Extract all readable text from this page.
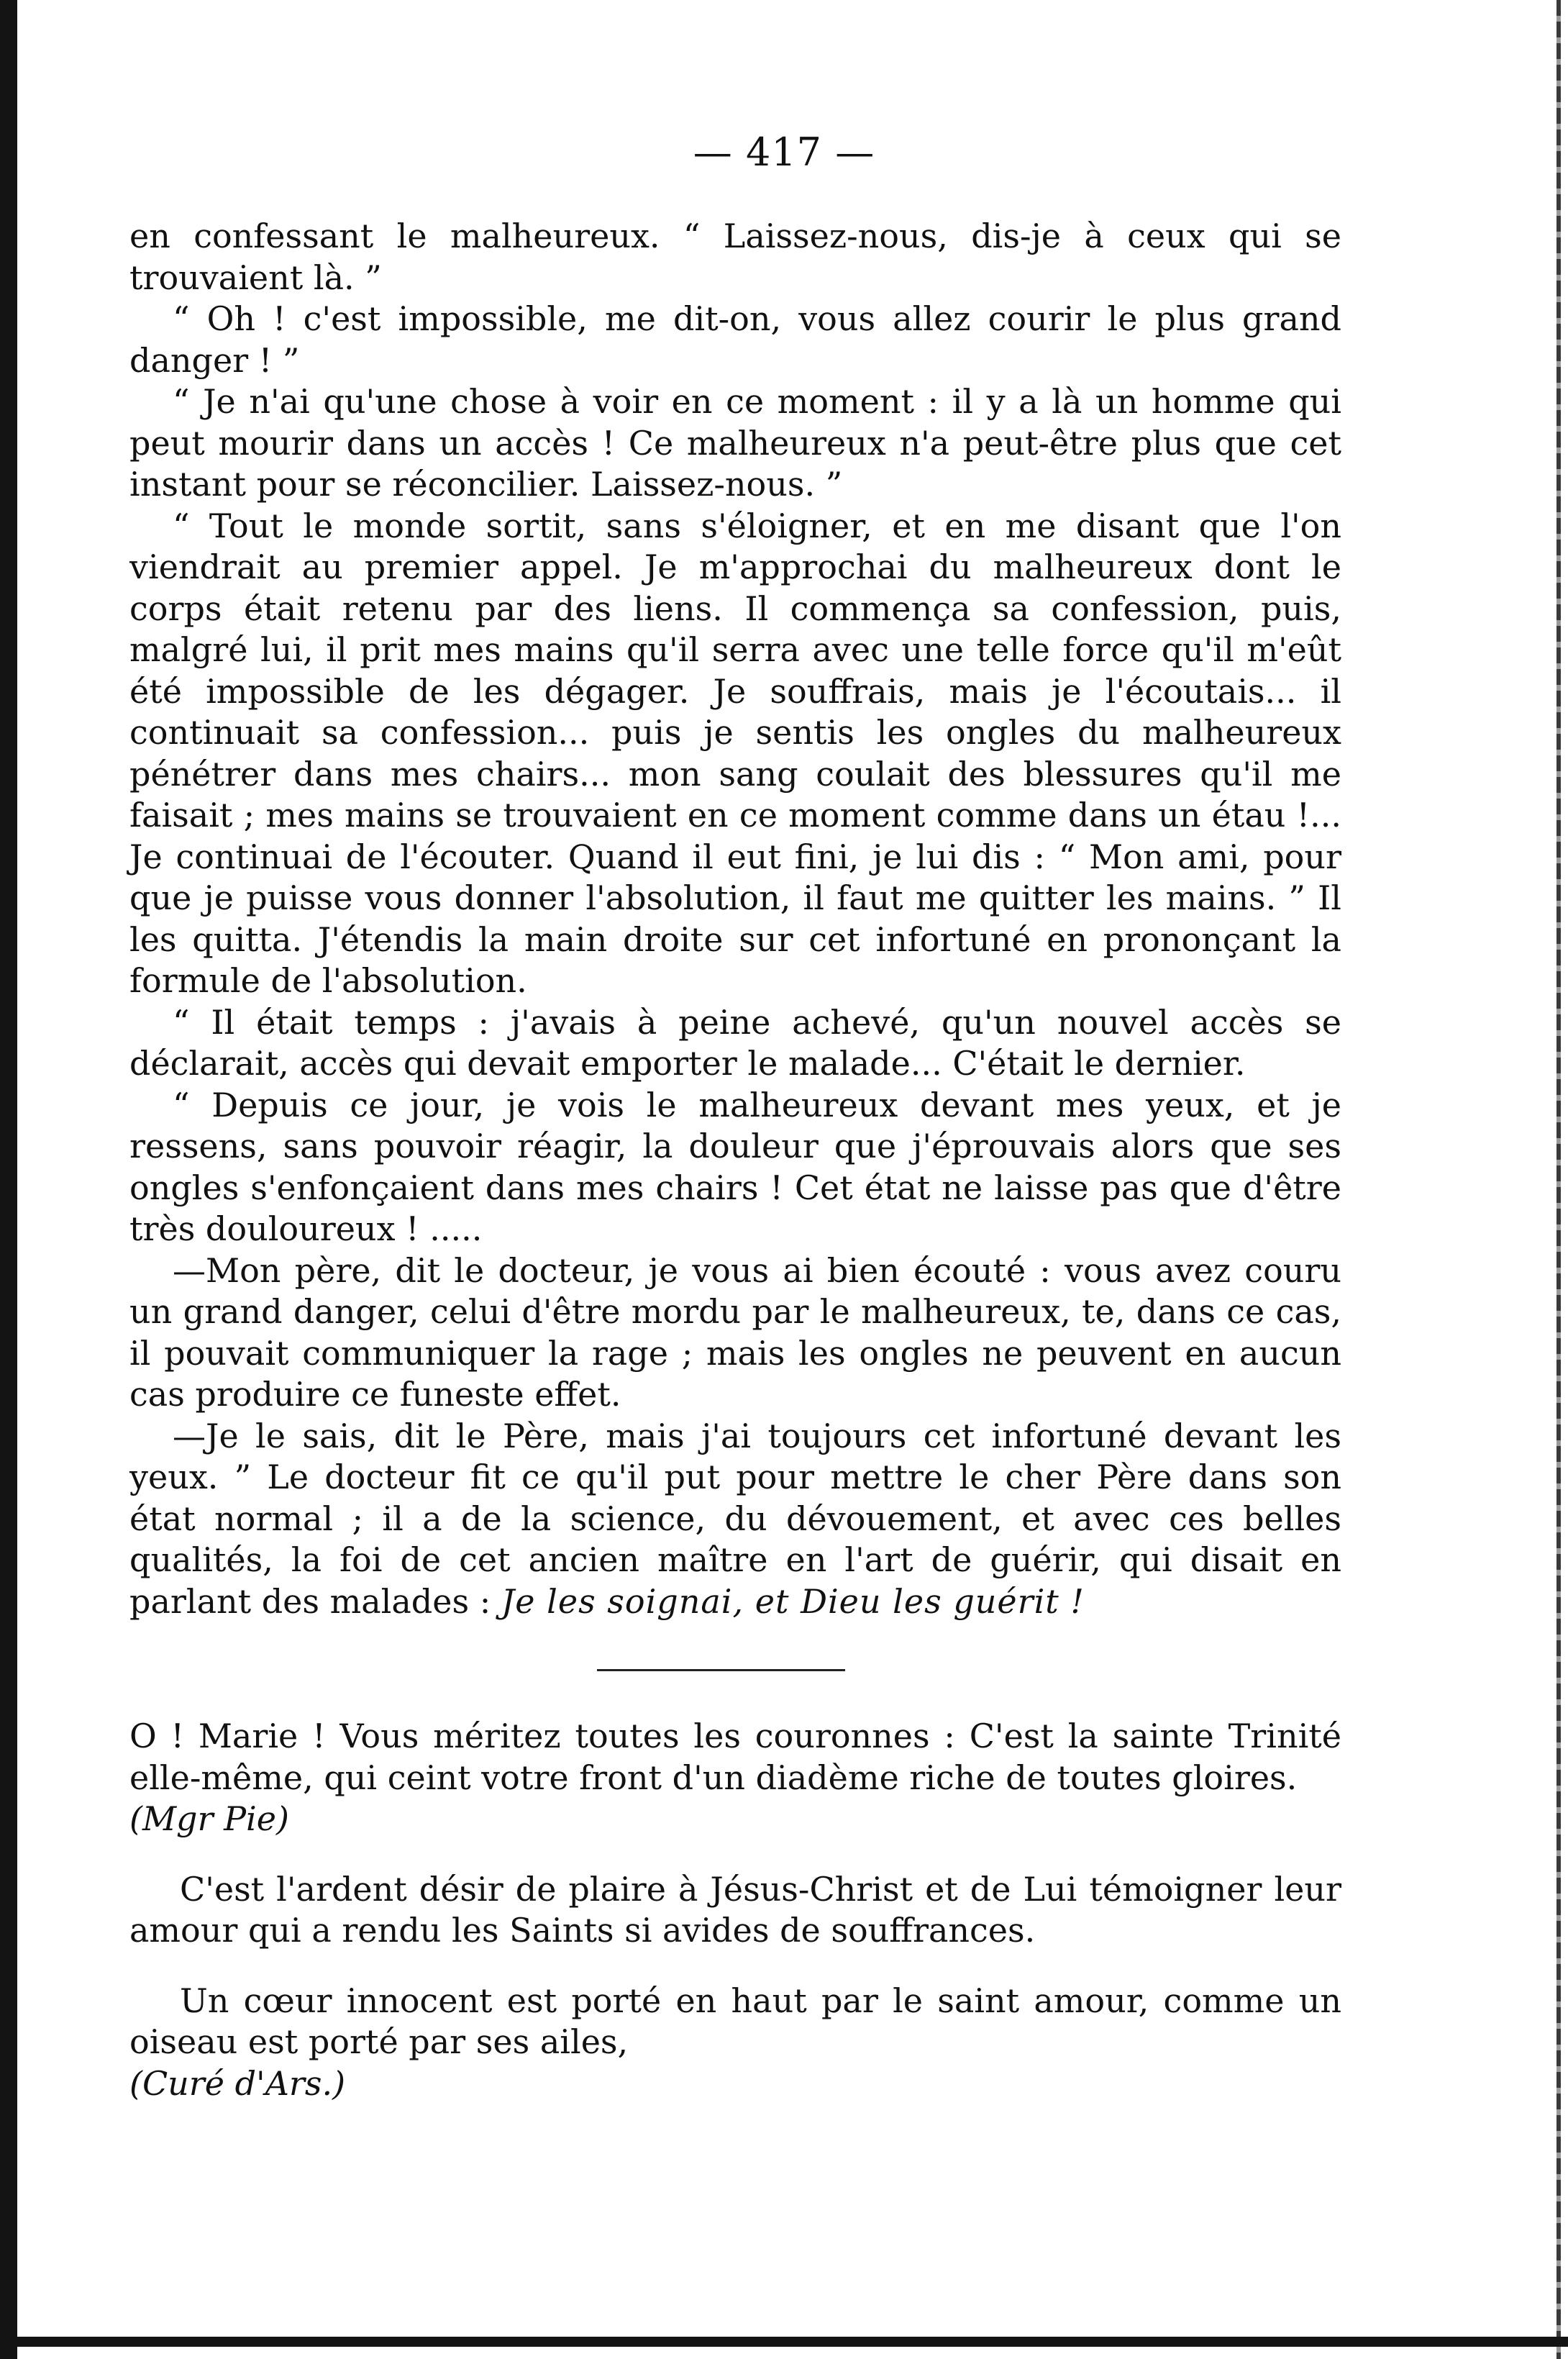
— 417 —

en confessant le malheureux. “ Laissez-nous, dis-je à ceux qui se trouvaient là. ”

“ Oh ! c'est impossible, me dit-on, vous allez courir le plus grand danger ! ”

“ Je n'ai qu'une chose à voir en ce moment : il y a là un homme qui peut mourir dans un accès ! Ce malheureux n'a peut-être plus que cet instant pour se réconcilier. Laissez-nous. ”

“ Tout le monde sortit, sans s'éloigner, et en me disant que l'on viendrait au premier appel. Je m'approchai du malheureux dont le corps était retenu par des liens. Il commença sa confession, puis, malgré lui, il prit mes mains qu'il serra avec une telle force qu'il m'eût été impossible de les dégager. Je souffrais, mais je l'écoutais... il continuait sa confession... puis je sentis les ongles du malheureux pénétrer dans mes chairs... mon sang coulait des blessures qu'il me faisait ; mes mains se trouvaient en ce moment comme dans un étau !... Je continuai de l'écouter. Quand il eut fini, je lui dis : “ Mon ami, pour que je puisse vous donner l'absolution, il faut me quitter les mains. ” Il les quitta. J'étendis la main droite sur cet infortuné en prononçant la formule de l'absolution.

“ Il était temps : j'avais à peine achevé, qu'un nouvel accès se déclarait, accès qui devait emporter le malade... C'était le dernier.

“ Depuis ce jour, je vois le malheureux devant mes yeux, et je ressens, sans pouvoir réagir, la douleur que j'éprouvais alors que ses ongles s'enfonçaient dans mes chairs ! Cet état ne laisse pas que d'être très douloureux ! .....

—Mon père, dit le docteur, je vous ai bien écouté : vous avez couru un grand danger, celui d'être mordu par le malheureux, te, dans ce cas, il pouvait communiquer la rage ; mais les ongles ne peuvent en aucun cas produire ce funeste effet.

—Je le sais, dit le Père, mais j'ai toujours cet infortuné devant les yeux. ” Le docteur fit ce qu'il put pour mettre le cher Père dans son état normal ; il a de la science, du dévouement, et avec ces belles qualités, la foi de cet ancien maître en l'art de guérir, qui disait en parlant des malades : Je les soignai, et Dieu les guérit !

O ! Marie ! Vous méritez toutes les couronnes : C'est la sainte Trinité elle-même, qui ceint votre front d'un diadème riche de toutes gloires.

(Mgr Pie)

C'est l'ardent désir de plaire à Jésus-Christ et de Lui témoigner leur amour qui a rendu les Saints si avides de souffrances.

Un cœur innocent est porté en haut par le saint amour, comme un oiseau est porté par ses ailes,

(Curé d'Ars.)
